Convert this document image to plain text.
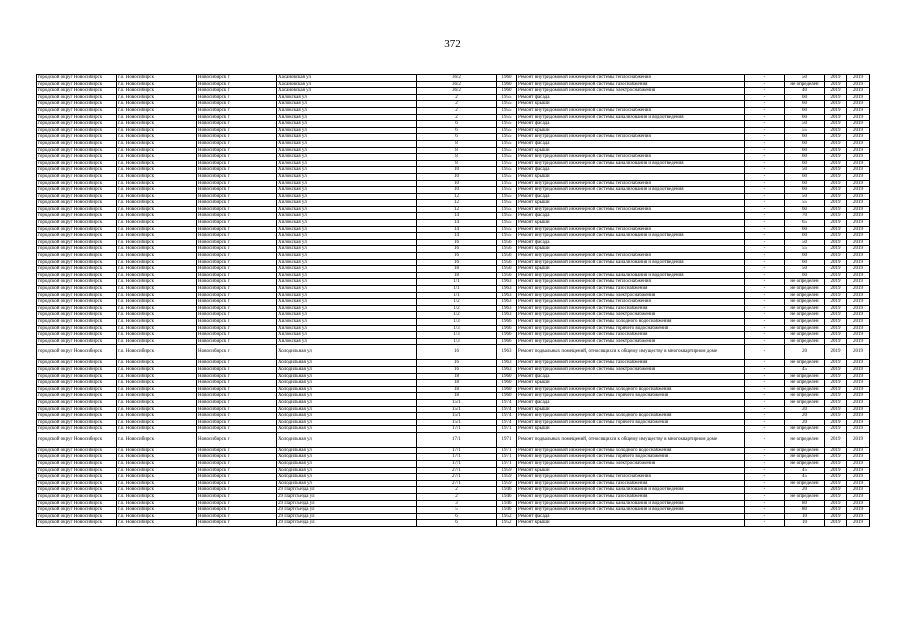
372
городской округ Новосибирск	г.о. Новосибирск	Новосибирск г	Хасановская ул	36/2	1960	Ремонт внутридомовой инженерной системы теплоснабжения	-	50	2019	2019
городской округ Новосибирск	г.о. Новосибирск	Новосибирск г	Хасановская ул	36/2	1960	Ремонт внутридомовой инженерной системы газоснабжения	-	не определен	2019	2019
городской округ Новосибирск	г.о. Новосибирск	Новосибирск г	Хасановская ул	36/2	1960	Ремонт внутридомовой инженерной системы электроснабжения	-	40	2019	2019
городской округ Новосибирск	г.о. Новосибирск	Новосибирск г	Хилокская ул	2	1955	Ремонт фасада	-	60	2019	2019
городской округ Новосибирск	г.о. Новосибирск	Новосибирск г	Хилокская ул	2	1955	Ремонт крыши	-	60	2019	2019
городской округ Новосибирск	г.о. Новосибирск	Новосибирск г	Хилокская ул	2	1955	Ремонт внутридомовой инженерной системы теплоснабжения	-	60	2019	2019
городской округ Новосибирск	г.о. Новосибирск	Новосибирск г	Хилокская ул	2	1955	Ремонт внутридомовой инженерной системы канализования и водоотведения	-	60	2019	2019
городской округ Новосибирск	г.о. Новосибирск	Новосибирск г	Хилокская ул	6	1955	Ремонт фасада	-	50	2019	2019
городской округ Новосибирск	г.о. Новосибирск	Новосибирск г	Хилокская ул	6	1955	Ремонт крыши	-	55	2019	2019
городской округ Новосибирск	г.о. Новосибирск	Новосибирск г	Хилокская ул	6	1955	Ремонт внутридомовой инженерной системы теплоснабжения	-	60	2019	2019
городской округ Новосибирск	г.о. Новосибирск	Новосибирск г	Хилокская ул	8	1955	Ремонт фасада	-	60	2019	2019
городской округ Новосибирск	г.о. Новосибирск	Новосибирск г	Хилокская ул	8	1955	Ремонт крыши	-	60	2019	2019
городской округ Новосибирск	г.о. Новосибирск	Новосибирск г	Хилокская ул	8	1955	Ремонт внутридомовой инженерной системы теплоснабжения	-	60	2019	2019
городской округ Новосибирск	г.о. Новосибирск	Новосибирск г	Хилокская ул	8	1955	Ремонт внутридомовой инженерной системы канализования и водоотведения	-	60	2019	2019
городской округ Новосибирск	г.о. Новосибирск	Новосибирск г	Хилокская ул	10	1955	Ремонт фасада	-	50	2019	2019
городской округ Новосибирск	г.о. Новосибирск	Новосибирск г	Хилокская ул	10	1955	Ремонт крыши	-	60	2019	2019
городской округ Новосибирск	г.о. Новосибирск	Новосибирск г	Хилокская ул	10	1955	Ремонт внутридомовой инженерной системы теплоснабжения	-	60	2019	2019
городской округ Новосибирск	г.о. Новосибирск	Новосибирск г	Хилокская ул	10	1955	Ремонт внутридомовой инженерной системы канализования и водоотведения	-	60	2019	2019
городской округ Новосибирск	г.о. Новосибирск	Новосибирск г	Хилокская ул	12	1955	Ремонт фасада	-	50	2019	2019
городской округ Новосибирск	г.о. Новосибирск	Новосибирск г	Хилокская ул	12	1955	Ремонт крыши	-	55	2019	2019
городской округ Новосибирск	г.о. Новосибирск	Новосибирск г	Хилокская ул	12	1955	Ремонт внутридомовой инженерной системы теплоснабжения	-	60	2019	2019
городской округ Новосибирск	г.о. Новосибирск	Новосибирск г	Хилокская ул	14	1955	Ремонт фасада	-	70	2019	2019
городской округ Новосибирск	г.о. Новосибирск	Новосибирск г	Хилокская ул	14	1955	Ремонт крыши	-	65	2019	2019
городской округ Новосибирск	г.о. Новосибирск	Новосибирск г	Хилокская ул	14	1955	Ремонт внутридомовой инженерной системы теплоснабжения	-	60	2019	2019
городской округ Новосибирск	г.о. Новосибирск	Новосибирск г	Хилокская ул	14	1955	Ремонт внутридомовой инженерной системы канализования и водоотведения	-	60	2019	2019
городской округ Новосибирск	г.о. Новосибирск	Новосибирск г	Хилокская ул	16	1956	Ремонт фасада	-	50	2019	2019
городской округ Новосибирск	г.о. Новосибирск	Новосибирск г	Хилокская ул	16	1956	Ремонт крыши	-	55	2019	2019
городской округ Новосибирск	г.о. Новосибирск	Новосибирск г	Хилокская ул	16	1956	Ремонт внутридомовой инженерной системы теплоснабжения	-	60	2019	2019
городской округ Новосибирск	г.о. Новосибирск	Новосибирск г	Хилокская ул	16	1956	Ремонт внутридомовой инженерной системы канализования и водоотведения	-	60	2019	2019
городской округ Новосибирск	г.о. Новосибирск	Новосибирск г	Хилокская ул	18	1956	Ремонт крыши	-	50	2019	2019
городской округ Новосибирск	г.о. Новосибирск	Новосибирск г	Хилокская ул	18	1956	Ремонт внутридомовой инженерной системы канализования и водоотведения	-	60	2019	2019
городской округ Новосибирск	г.о. Новосибирск	Новосибирск г	Хилокская ул	1/1	1963	Ремонт внутридомовой инженерной системы теплоснабжения	-	не определен	2019	2019
городской округ Новосибирск	г.о. Новосибирск	Новосибирск г	Хилокская ул	1/1	1963	Ремонт внутридомовой инженерной системы газоснабжения	-	не определен	2019	2019
городской округ Новосибирск	г.о. Новосибирск	Новосибирск г	Хилокская ул	1/1	1963	Ремонт внутридомовой инженерной системы электроснабжения	-	не определен	2019	2019
городской округ Новосибирск	г.о. Новосибирск	Новосибирск г	Хилокская ул	1/2	1963	Ремонт внутридомовой инженерной системы теплоснабжения	-	не определен	2019	2019
городской округ Новосибирск	г.о. Новосибирск	Новосибирск г	Хилокская ул	1/2	1963	Ремонт внутридомовой инженерной системы газоснабжения	-	не определен	2019	2019
городской округ Новосибирск	г.о. Новосибирск	Новосибирск г	Хилокская ул	1/2	1963	Ремонт внутридомовой инженерной системы электроснабжения	-	не определен	2019	2019
городской округ Новосибирск	г.о. Новосибирск	Новосибирск г	Хилокская ул	1/3	1966	Ремонт внутридомовой инженерной системы холодного водоснабжения	-	не определен	2019	2019
городской округ Новосибирск	г.о. Новосибирск	Новосибирск г	Хилокская ул	1/3	1966	Ремонт внутридомовой инженерной системы горячего водоснабжения	-	не определен	2019	2019
городской округ Новосибирск	г.о. Новосибирск	Новосибирск г	Хилокская ул	1/3	1966	Ремонт внутридомовой инженерной системы газоснабжения	-	не определен	2019	2019
городской округ Новосибирск	г.о. Новосибирск	Новосибирск г	Хилокская ул	1/3	1966	Ремонт внутридомовой инженерной системы электроснабжения	-	не определен	2019	2019
городской округ Новосибирск	г.о. Новосибирск	Новосибирск г	Холодильная ул	16	1963	Ремонт подвальных помещений, относящихся к общему имуществу в многоквартирном доме	-	20	2019	2019
городской округ Новосибирск	г.о. Новосибирск	Новосибирск г	Холодильная ул	16	1963	Ремонт внутридомовой инженерной системы газоснабжения	-	не определен	2019	2019
городской округ Новосибирск	г.о. Новосибирск	Новосибирск г	Холодильная ул	16	1963	Ремонт внутридомовой инженерной системы электроснабжения	-	45	2019	2019
городской округ Новосибирск	г.о. Новосибирск	Новосибирск г	Холодильная ул	18	1960	Ремонт фасада	-	не определен	2019	2019
городской округ Новосибирск	г.о. Новосибирск	Новосибирск г	Холодильная ул	18	1960	Ремонт крыши	-	не определен	2019	2019
городской округ Новосибирск	г.о. Новосибирск	Новосибирск г	Холодильная ул	18	1960	Ремонт внутридомовой инженерной системы холодного водоснабжения	-	не определен	2019	2019
городской округ Новосибирск	г.о. Новосибирск	Новосибирск г	Холодильная ул	18	1960	Ремонт внутридомовой инженерной системы горячего водоснабжения	-	не определен	2019	2019
городской округ Новосибирск	г.о. Новосибирск	Новосибирск г	Холодильная ул	15/1	1974	Ремонт фасада	-	не определен	2019	2019
городской округ Новосибирск	г.о. Новосибирск	Новосибирск г	Холодильная ул	15/1	1974	Ремонт крыши	-	20	2019	2019
городской округ Новосибирск	г.о. Новосибирск	Новосибирск г	Холодильная ул	15/1	1974	Ремонт внутридомовой инженерной системы холодного водоснабжения	-	20	2019	2019
городской округ Новосибирск	г.о. Новосибирск	Новосибирск г	Холодильная ул	15/1	1974	Ремонт внутридомовой инженерной системы горячего водоснабжения	-	20	2019	2019
городской округ Новосибирск	г.о. Новосибирск	Новосибирск г	Холодильная ул	17/1	1971	Ремонт крыши	-	не определен	2019	2019
городской округ Новосибирск	г.о. Новосибирск	Новосибирск г	Холодильная ул	17/1	1971	Ремонт подвальных помещений, относящихся к общему имуществу в многоквартирном доме	-	не определен	2019	2019
городской округ Новосибирск	г.о. Новосибирск	Новосибирск г	Холодильная ул	17/1	1971	Ремонт внутридомовой инженерной системы холодного водоснабжения	-	не определен	2019	2019
городской округ Новосибирск	г.о. Новосибирск	Новосибирск г	Холодильная ул	17/1	1971	Ремонт внутридомовой инженерной системы горячего водоснабжения	-	не определен	2019	2019
городской округ Новосибирск	г.о. Новосибирск	Новосибирск г	Холодильная ул	17/1	1971	Ремонт внутридомовой инженерной системы электроснабжения	-	не определен	2019	2019
городской округ Новосибирск	г.о. Новосибирск	Новосибирск г	Холодильная ул	27/1	1959	Ремонт крыши	-	45	2019	2019
городской округ Новосибирск	г.о. Новосибирск	Новосибирск г	Холодильная ул	27/1	1959	Ремонт внутридомовой инженерной системы теплоснабжения	-	45	2019	2019
городской округ Новосибирск	г.о. Новосибирск	Новосибирск г	Холодильная ул	27/1	1959	Ремонт внутридомовой инженерной системы газоснабжения	-	не определен	2019	2019
городской округ Новосибирск	г.о. Новосибирск	Новосибирск г	29 Партсъезда ул	2	1946	Ремонт внутридомовой инженерной системы канализования и водоотведения	-	20	2019	2019
городской округ Новосибирск	г.о. Новосибирск	Новосибирск г	29 Партсъезда ул	2	1946	Ремонт внутридомовой инженерной системы газоснабжения	-	не определен	2019	2019
городской округ Новосибирск	г.о. Новосибирск	Новосибирск г	29 Партсъезда ул	3	1946	Ремонт внутридомовой инженерной системы канализования и водоотведения	-	80	2019	2019
городской округ Новосибирск	г.о. Новосибирск	Новосибирск г	29 Партсъезда ул	5	1946	Ремонт внутридомовой инженерной системы канализования и водоотведения	-	80	2019	2019
городской округ Новосибирск	г.о. Новосибирск	Новосибирск г	29 Партсъезда ул	6	1952	Ремонт фасада	-	10	2019	2019
городской округ Новосибирск	г.о. Новосибирск	Новосибирск г	29 Партсъезда ул	6	1952	Ремонт крыши	-	10	2019	2019
